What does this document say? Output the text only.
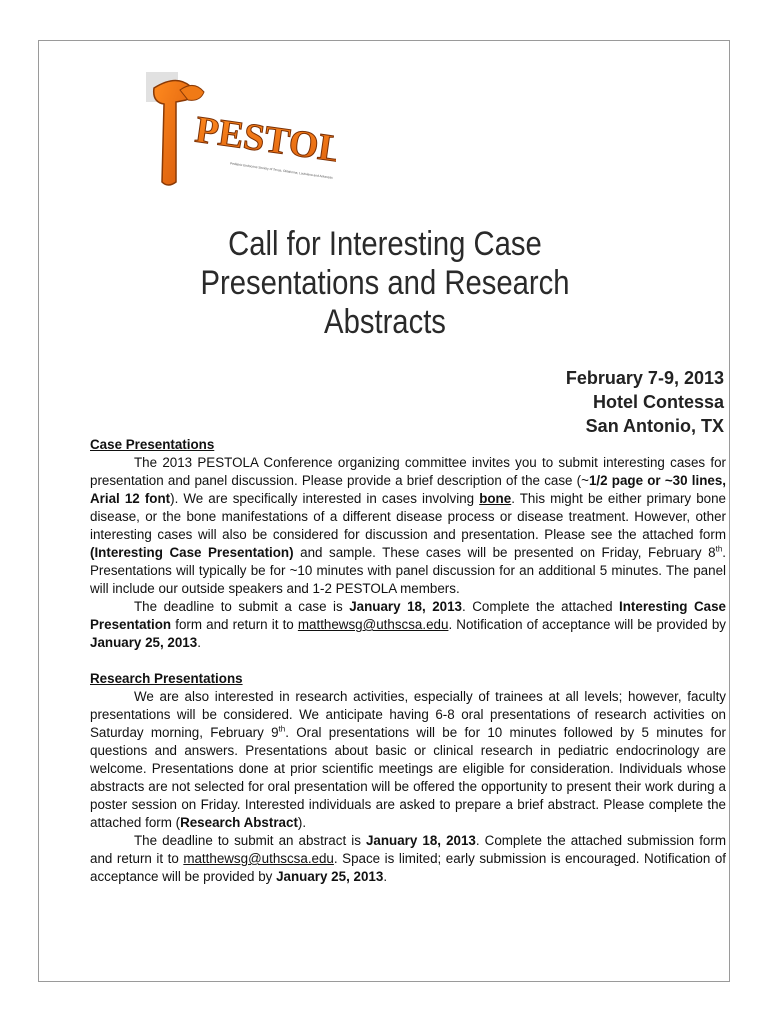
PESTOLA
Pediatric Endocrine Society of Texas, Oklahoma, Louisiana and Arkansas
Call for Interesting Case
Presentations and Research
Abstracts
February 7-9, 2013
Hotel Contessa
San Antonio, TX
Case Presentations

The 2013 PESTOLA Conference organizing committee invites you to submit interesting cases for presentation and panel discussion. Please provide a brief description of the case (~1/2 page or ~30 lines, Arial 12 font). We are specifically interested in cases involving bone. This might be either primary bone disease, or the bone manifestations of a different disease process or disease treatment. However, other interesting cases will also be considered for discussion and presentation. Please see the attached form (Interesting Case Presentation) and sample. These cases will be presented on Friday, February 8th. Presentations will typically be for ~10 minutes with panel discussion for an additional 5 minutes. The panel will include our outside speakers and 1-2 PESTOLA members.

The deadline to submit a case is January 18, 2013. Complete the attached Interesting Case Presentation form and return it to matthewsg@uthscsa.edu. Notification of acceptance will be provided by January 25, 2013.

Research Presentations

We are also interested in research activities, especially of trainees at all levels; however, faculty presentations will be considered. We anticipate having 6-8 oral presentations of research activities on Saturday morning, February 9th. Oral presentations will be for 10 minutes followed by 5 minutes for questions and answers. Presentations about basic or clinical research in pediatric endocrinology are welcome. Presentations done at prior scientific meetings are eligible for consideration. Individuals whose abstracts are not selected for oral presentation will be offered the opportunity to present their work during a poster session on Friday. Interested individuals are asked to prepare a brief abstract. Please complete the attached form (Research Abstract).

The deadline to submit an abstract is January 18, 2013. Complete the attached submission form and return it to matthewsg@uthscsa.edu. Space is limited; early submission is encouraged. Notification of acceptance will be provided by January 25, 2013.
